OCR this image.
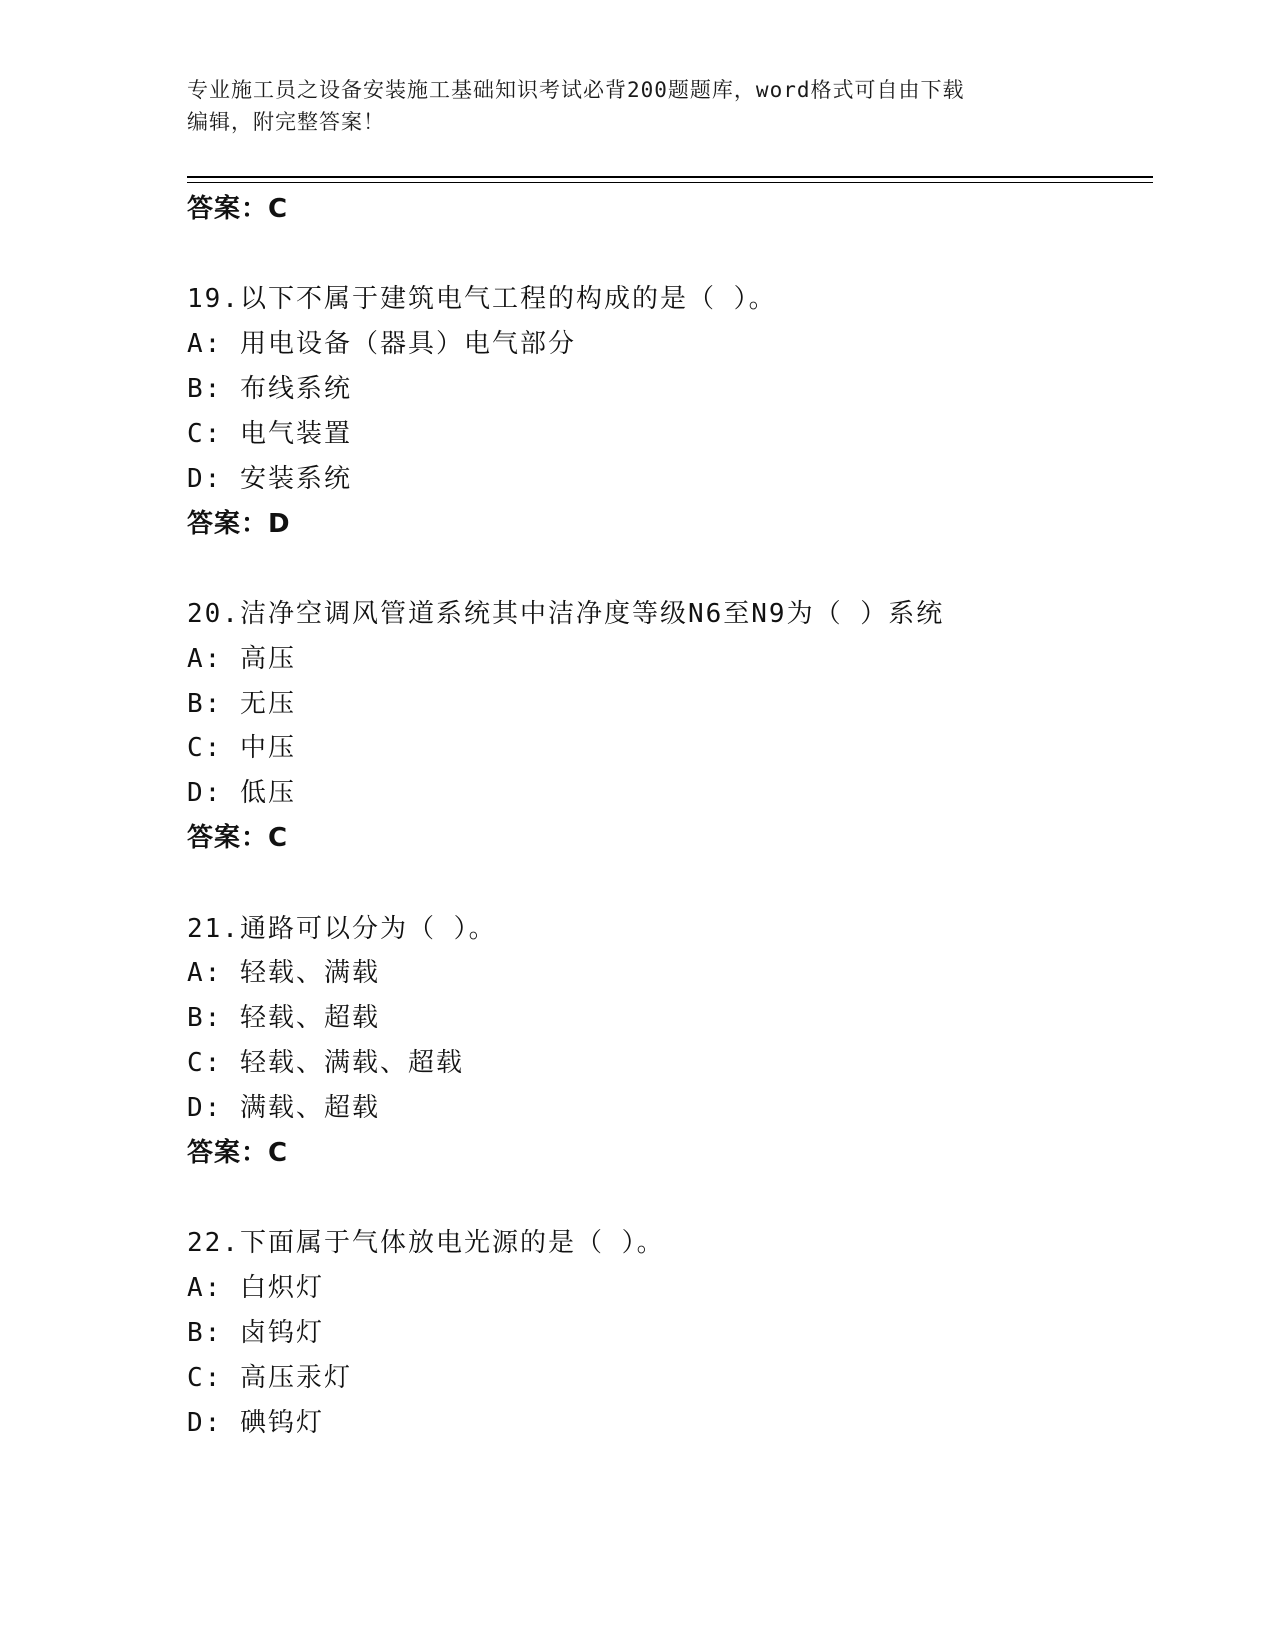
专业施工员之设备安装施工基础知识考试必背200题题库，word格式可自由下载
编辑，附完整答案！
答案：C
19.以下不属于建筑电气工程的构成的是（ ）。
A: 用电设备（器具）电气部分
B: 布线系统
C: 电气装置
D: 安装系统
答案：D
20.洁净空调风管道系统其中洁净度等级N6至N9为（ ）系统
A: 高压
B: 无压
C: 中压
D: 低压
答案：C
21.通路可以分为（ ）。
A: 轻载、满载
B: 轻载、超载
C: 轻载、满载、超载
D: 满载、超载
答案：C
22.下面属于气体放电光源的是（ ）。
A: 白炽灯
B: 卤钨灯
C: 高压汞灯
D: 碘钨灯
